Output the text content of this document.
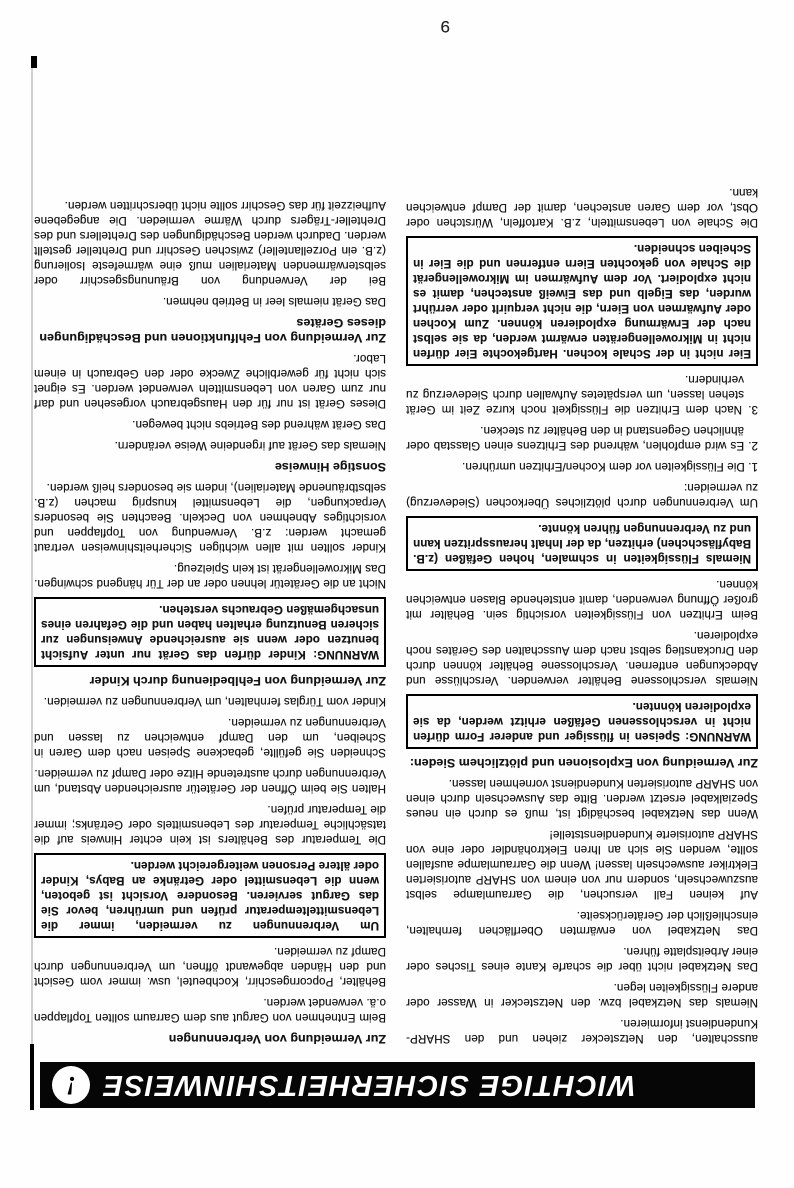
WICHTIGE SICHERHEITSHINWEISE
!

ausschalten, den Netzstecker ziehen und den SHARP-Kundendienst informieren.

Niemals das Netzkabel bzw. den Netzstecker in Wasser oder andere Flüssigkeiten legen.

Das Netzkabel nicht über die scharfe Kante eines Tisches oder einer Arbeitsplatte führen.

Das Netzkabel von erwärmten Oberflächen fernhalten, einschließlich der Geräterückseite.

Auf keinen Fall versuchen, die Garraumlampe selbst auszuwechseln, sondern nur von einem von SHARP autorisierten Elektriker auswechseln lassen! Wenn die Garraumlampe ausfallen sollte, wenden Sie sich an Ihren Elektrohändler oder eine von SHARP autorisierte Kundendienststelle!

Wenn das Netzkabel beschädigt ist, muß es durch ein neues Spezialkabel ersetzt werden. Bitte das Auswechseln durch einen von SHARP autorisierten Kundendienst vornehmen lassen.

Zur Vermeidung von Explosionen und plötzlichem Sieden:

WARNUNG: Speisen in flüssiger und anderer Form dürfen nicht in verschlossenen Gefäßen erhitzt werden, da sie explodieren könnten.

Niemals verschlossene Behälter verwenden. Verschlüsse und Abdeckungen entfernen. Verschlossene Behälter können durch den Druckanstieg selbst nach dem Ausschalten des Gerätes noch explodieren.

Beim Erhitzen von Flüssigkeiten vorsichtig sein. Behälter mit großer Öffnung verwenden, damit entstehende Blasen entweichen können.

Niemals Flüssigkeiten in schmalen, hohen Gefäßen (z.B. Babyfläschchen) erhitzen, da der Inhalt herausspritzen kann und zu Verbrennungen führen könnte.

Um Verbrennungen durch plötzliches Überkochen (Siedeverzug) zu vermeiden:

1. Die Flüssigkeiten vor dem Kochen/Erhitzen umrühren.

2. Es wird empfohlen, während des Erhitzens einen Glasstab oder ähnlichen Gegenstand in den Behälter zu stecken.

3. Nach dem Erhitzen die Flüssigkeit noch kurze Zeit im Gerät stehen lassen, um verspätetes Aufwallen durch Siedeverzug zu verhindern.

Eier nicht in der Schale kochen. Hartgekochte Eier dürfen nicht in Mikrowellengeräten erwärmt werden, da sie selbst nach der Erwärmung explodieren können. Zum Kochen oder Aufwärmen von Eiern, die nicht verquirlt oder verrührt wurden, das Eigelb und das Eiweiß anstechen, damit es nicht explodiert. Vor dem Aufwärmen im Mikrowellengerät die Schale von gekochten Eiern entfernen und die Eier in Scheiben schneiden.

Die Schale von Lebensmitteln, z.B. Kartoffeln, Würstchen oder Obst, vor dem Garen anstechen, damit der Dampf entweichen kann.

Zur Vermeidung von Verbrennungen

Beim Entnehmen von Gargut aus dem Garraum sollten Topflappen o.ä. verwendet werden.

Behälter, Popcorngeschirr, Kochbeutel, usw. immer vom Gesicht und den Händen abgewandt öffnen, um Verbrennungen durch Dampf zu vermeiden.

Um Verbrennungen zu vermeiden, immer die Lebensmitteltemperatur prüfen und umrühren, bevor Sie das Gargut servieren. Besondere Vorsicht ist geboten, wenn die Lebensmittel oder Getränke an Babys, Kinder oder ältere Personen weitergereicht werden.

Die Temperatur des Behälters ist kein echter Hinweis auf die tatsächliche Temperatur des Lebensmittels oder Getränks; immer die Temperatur prüfen.

Halten Sie beim Öffnen der Gerätetür ausreichenden Abstand, um Verbrennungen durch austretende Hitze oder Dampf zu vermeiden.

Schneiden Sie gefüllte, gebackene Speisen nach dem Garen in Scheiben, um den Dampf entweichen zu lassen und Verbrennungen zu vermeiden.

Kinder vom Türglas fernhalten, um Verbrennungen zu vermeiden.

Zur Vermeidung von Fehlbedienung durch Kinder

WARNUNG: Kinder dürfen das Gerät nur unter Aufsicht benutzen oder wenn sie ausreichende Anweisungen zur sicheren Benutzung erhalten haben und die Gefahren eines unsachgemäßen Gebrauchs verstehen.

Nicht an die Gerätetür lehnen oder an der Tür hängend schwingen. Das Mikrowellengerät ist kein Spielzeug.

Kinder sollten mit allen wichtigen Sicherheitshinweisen vertraut gemacht werden: z.B. Verwendung von Topflappen und vorsichtiges Abnehmen von Deckeln. Beachten Sie besonders Verpackungen, die Lebensmittel knusprig machen (z.B. selbstbräunende Materialien), indem sie besonders heiß werden.

Sonstige Hinweise

Niemals das Gerät auf irgendeine Weise verändern.

Das Gerät während des Betriebs nicht bewegen.

Dieses Gerät ist nur für den Hausgebrauch vorgesehen und darf nur zum Garen von Lebensmitteln verwendet werden. Es eignet sich nicht für gewerbliche Zwecke oder den Gebrauch in einem Labor.

Zur Vermeidung von Fehlfunktionen und Beschädigungen dieses Gerätes

Das Gerät niemals leer in Betrieb nehmen.

Bei der Verwendung von Bräunungsgeschirr oder selbsterwärmenden Materialien muß eine wärmefeste Isolierung (z.B. ein Porzellanteller) zwischen Geschirr und Drehteller gestellt werden. Dadurch werden Beschädigungen des Drehtellers und des Drehteller-Trägers durch Wärme vermieden. Die angegebene Aufheizzeit für das Geschirr sollte nicht überschritten werden.

9
